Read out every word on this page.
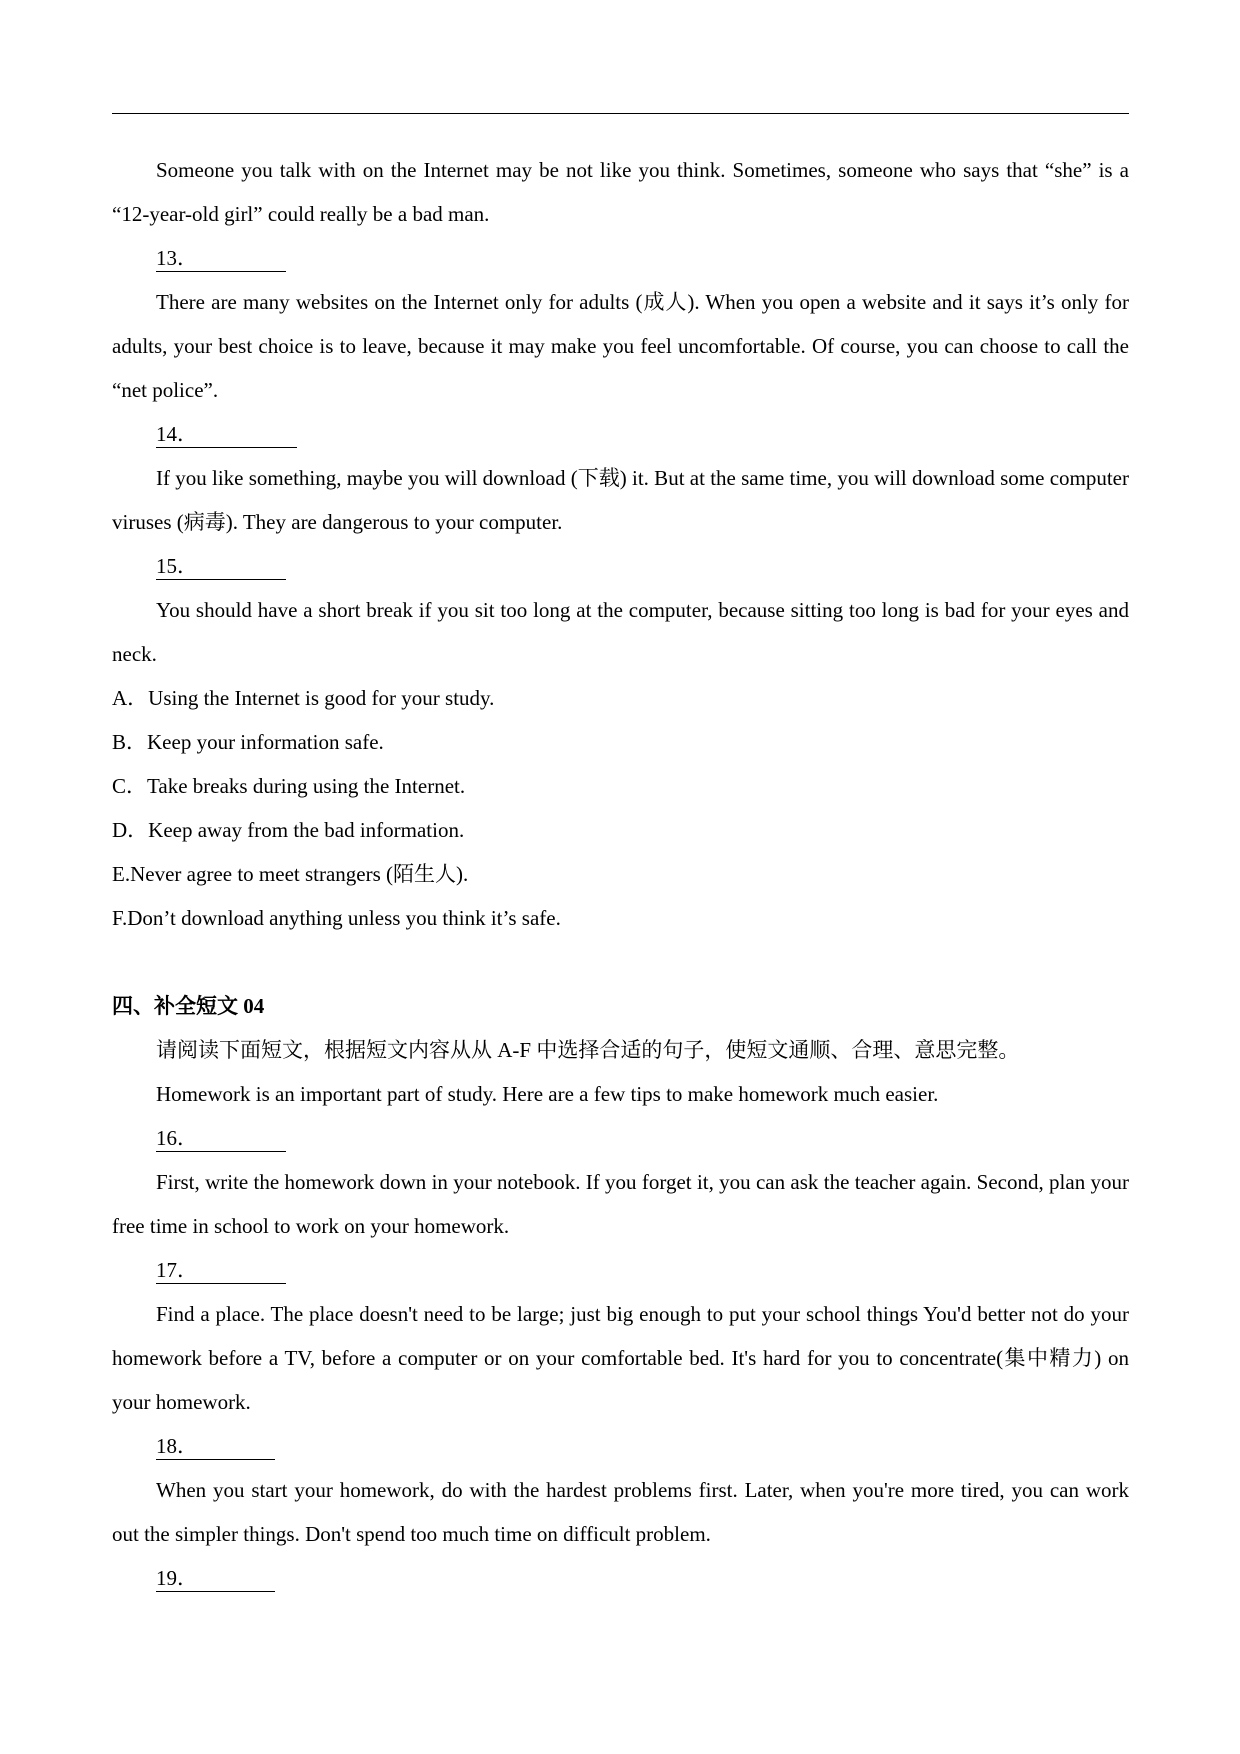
Someone you talk with on the Internet may be not like you think. Sometimes, someone who says that “she” is a “12-year-old girl” could really be a bad man.

13．

There are many websites on the Internet only for adults (成人). When you open a website and it says it’s only for adults, your best choice is to leave, because it may make you feel uncomfortable. Of course, you can choose to call the “net police”.

14．

If you like something, maybe you will download (下载) it. But at the same time, you will download some computer viruses (病毒). They are dangerous to your computer.

15．

You should have a short break if you sit too long at the computer, because sitting too long is bad for your eyes and neck.

A．Using the Internet is good for your study.

B．Keep your information safe.

C．Take breaks during using the Internet.

D．Keep away from the bad information.

E.Never agree to meet strangers (陌生人).

F.Don’t download anything unless you think it’s safe.

四、补全短文 04

请阅读下面短文，根据短文内容从从 A-F 中选择合适的句子，使短文通顺、合理、意思完整。

Homework is an important part of study. Here are a few tips to make homework much easier.

16．

First, write the homework down in your notebook. If you forget it, you can ask the teacher again. Second, plan your free time in school to work on your homework.

17．

Find a place. The place doesn't need to be large; just big enough to put your school things You'd better not do your homework before a TV, before a computer or on your comfortable bed. It's hard for you to concentrate(集中精力) on your homework.

18．

When you start your homework, do with the hardest problems first. Later, when you're more tired, you can work out the simpler things. Don't spend too much time on difficult problem.

19．
